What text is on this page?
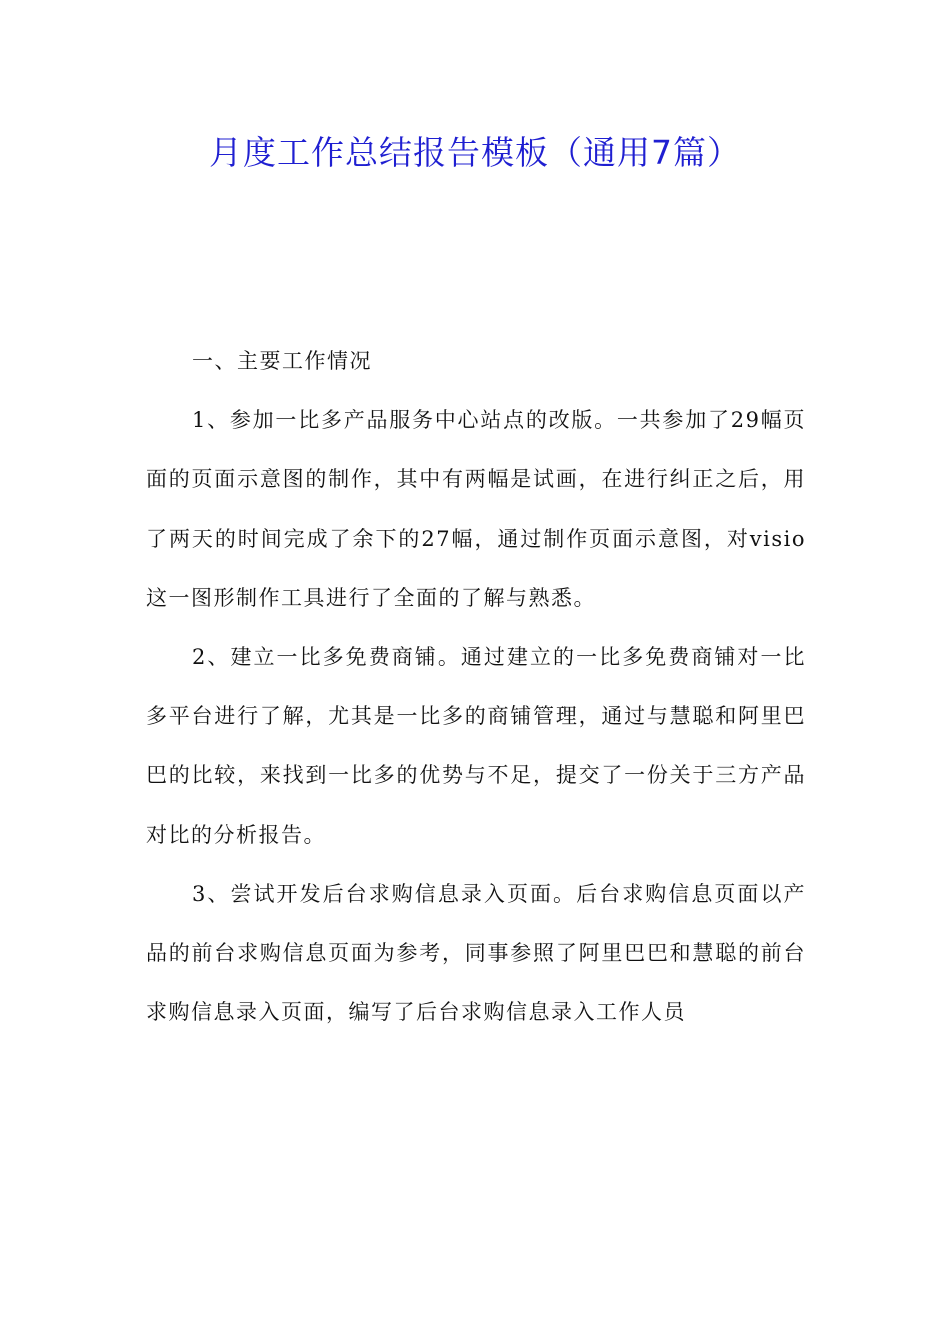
月度工作总结报告模板（通用7篇）

一、主要工作情况

1、参加一比多产品服务中心站点的改版。一共参加了29幅页面的页面示意图的制作，其中有两幅是试画，在进行纠正之后，用了两天的时间完成了余下的27幅，通过制作页面示意图，对visio这一图形制作工具进行了全面的了解与熟悉。

2、建立一比多免费商铺。通过建立的一比多免费商铺对一比多平台进行了解，尤其是一比多的商铺管理，通过与慧聪和阿里巴巴的比较，来找到一比多的优势与不足，提交了一份关于三方产品对比的分析报告。

3、尝试开发后台求购信息录入页面。后台求购信息页面以产品的前台求购信息页面为参考，同事参照了阿里巴巴和慧聪的前台求购信息录入页面，编写了后台求购信息录入工作人员
